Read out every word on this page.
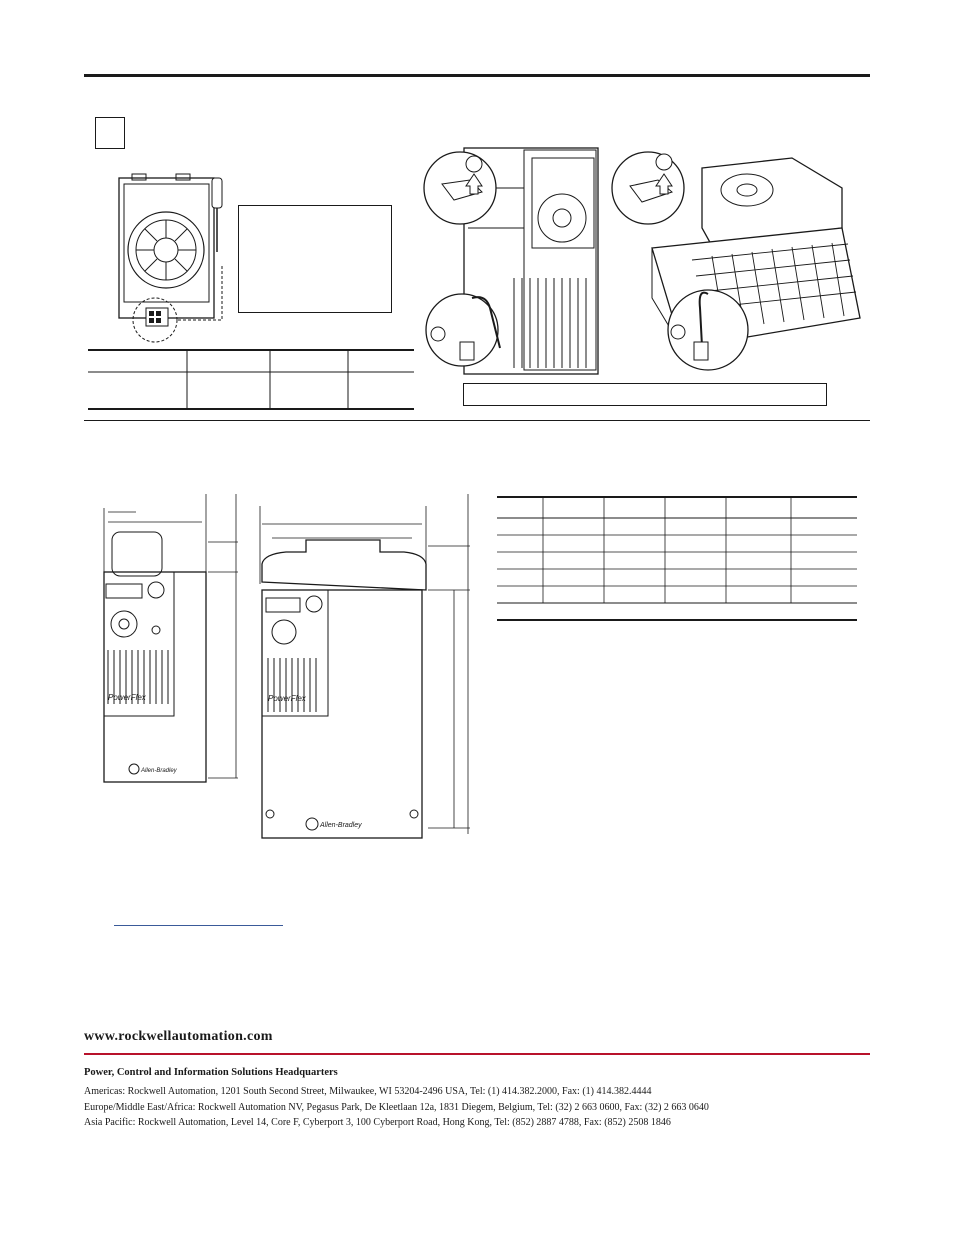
PowerFlex
Allen-Bradley
PowerFlex
Allen-Bradley
www.rockwellautomation.com
Power, Control and Information Solutions Headquarters
Americas: Rockwell Automation, 1201 South Second Street, Milwaukee, WI 53204-2496 USA, Tel: (1) 414.382.2000, Fax: (1) 414.382.4444
Europe/Middle East/Africa: Rockwell Automation NV, Pegasus Park, De Kleetlaan 12a, 1831 Diegem, Belgium, Tel: (32) 2 663 0600, Fax: (32) 2 663 0640
Asia Pacific: Rockwell Automation, Level 14, Core F, Cyberport 3, 100 Cyberport Road, Hong Kong, Tel: (852) 2887 4788, Fax: (852) 2508 1846
